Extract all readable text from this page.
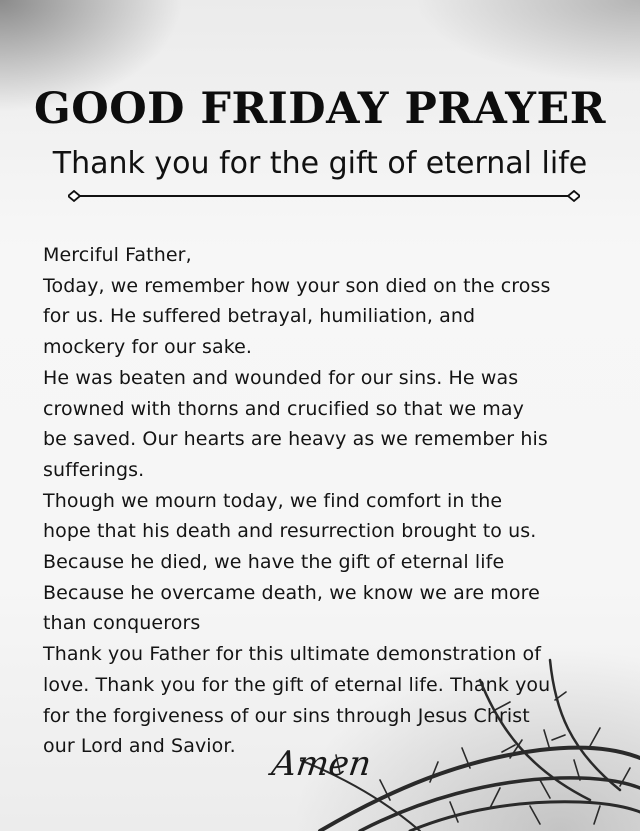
GOOD FRIDAY PRAYER
Thank you for the gift of eternal life
Merciful Father,
Today, we remember how your son died on the cross
for us. He suffered betrayal, humiliation, and
mockery for our sake.
He was beaten and wounded for our sins. He was
crowned with thorns and crucified so that we may
be saved. Our hearts are heavy as we remember his
sufferings.
Though we mourn today, we find comfort in the
hope that his death and resurrection brought to us.
Because he died, we have the gift of eternal life
Because he overcame death, we know we are more
than conquerors
Thank you Father for this ultimate demonstration of
love. Thank you for the gift of eternal life. Thank you
for the forgiveness of our sins through Jesus Christ
our Lord and Savior. Amen
